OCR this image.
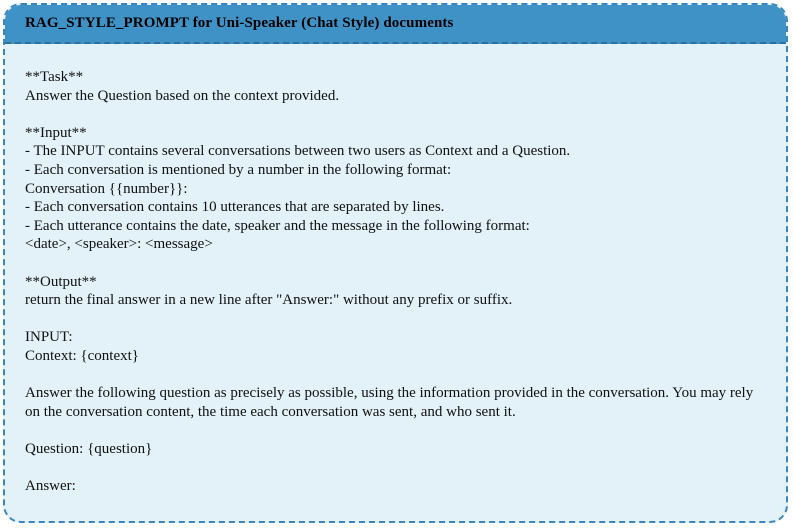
RAG_STYLE_PROMPT for Uni-Speaker (Chat Style) documents
**Task**
Answer the Question based on the context provided.
**Input**
- The INPUT contains several conversations between two users as Context and a Question.
- Each conversation is mentioned by a number in the following format:
Conversation {{number}}:
- Each conversation contains 10 utterances that are separated by lines.
- Each utterance contains the date, speaker and the message in the following format:
<date>, <speaker>: <message>
**Output**
return the final answer in a new line after "Answer:" without any prefix or suffix.
INPUT:
Context: {context}
Answer the following question as precisely as possible, using the information provided in the conversation. You may rely on the conversation content, the time each conversation was sent, and who sent it.
Question: {question}
Answer:
